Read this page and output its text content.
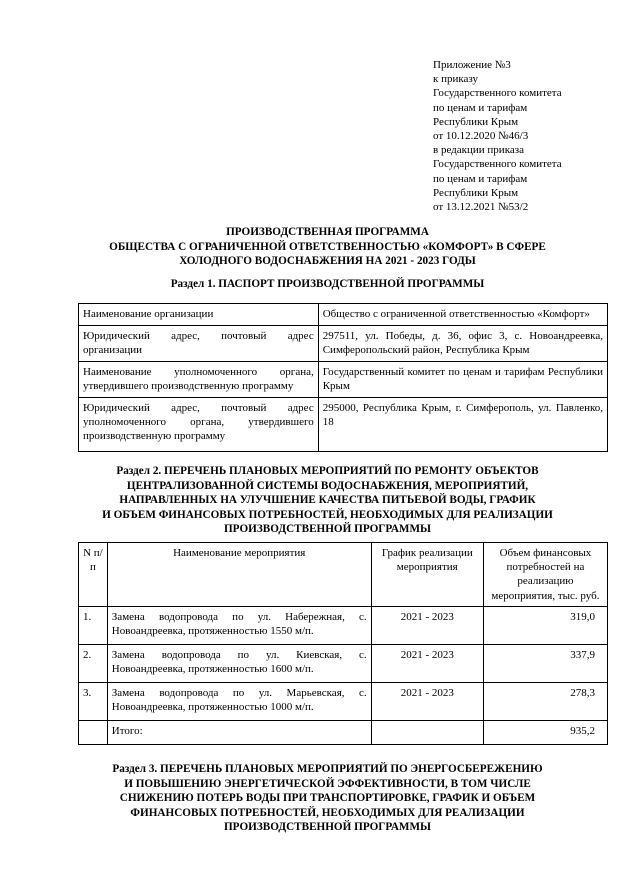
Приложение №3
к приказу
Государственного комитета
по ценам и тарифам
Республики Крым
от 10.12.2020 №46/3
в редакции приказа
Государственного комитета
по ценам и тарифам
Республики Крым
от 13.12.2021 №53/2
ПРОИЗВОДСТВЕННАЯ ПРОГРАММА
ОБЩЕСТВА С ОГРАНИЧЕННОЙ ОТВЕТСТВЕННОСТЬЮ «КОМФОРТ» В СФЕРЕ
ХОЛОДНОГО ВОДОСНАБЖЕНИЯ НА 2021 - 2023 ГОДЫ
Раздел 1. ПАСПОРТ ПРОИЗВОДСТВЕННОЙ ПРОГРАММЫ
Наименование организации	Общество с ограниченной ответственностью «Комфорт»
Юридический адрес, почтовый адрес организации	297511, ул. Победы, д. 36, офис 3, с. Новоандреевка, Симферопольский район, Республика Крым
Наименование уполномоченного органа, утвердившего производственную программу	Государственный комитет по ценам и тарифам Республики Крым
Юридический адрес, почтовый адрес уполномоченного органа, утвердившего производственную программу	295000, Республика Крым, г. Симферополь, ул. Павленко, 18
Раздел 2. ПЕРЕЧЕНЬ ПЛАНОВЫХ МЕРОПРИЯТИЙ ПО РЕМОНТУ ОБЪЕКТОВ
ЦЕНТРАЛИЗОВАННОЙ СИСТЕМЫ ВОДОСНАБЖЕНИЯ, МЕРОПРИЯТИЙ,
НАПРАВЛЕННЫХ НА УЛУЧШЕНИЕ КАЧЕСТВА ПИТЬЕВОЙ ВОДЫ, ГРАФИК
И ОБЪЕМ ФИНАНСОВЫХ ПОТРЕБНОСТЕЙ, НЕОБХОДИМЫХ ДЛЯ РЕАЛИЗАЦИИ
ПРОИЗВОДСТВЕННОЙ ПРОГРАММЫ
N п/п	Наименование мероприятия	График реализации мероприятия	Объем финансовых потребностей на реализацию мероприятия, тыс. руб.
1.	Замена водопровода по ул. Набережная, с. Новоандреевка, протяженностью 1550 м/п.	2021 - 2023	319,0
2.	Замена водопровода по ул. Киевская, с. Новоандреевка, протяженностью 1600 м/п.	2021 - 2023	337,9
3.	Замена водопровода по ул. Марьевская, с. Новоандреевка, протяженностью 1000 м/п.	2021 - 2023	278,3
	Итого:		935,2
Раздел 3. ПЕРЕЧЕНЬ ПЛАНОВЫХ МЕРОПРИЯТИЙ ПО ЭНЕРГОСБЕРЕЖЕНИЮ
И ПОВЫШЕНИЮ ЭНЕРГЕТИЧЕСКОЙ ЭФФЕКТИВНОСТИ, В ТОМ ЧИСЛЕ
СНИЖЕНИЮ ПОТЕРЬ ВОДЫ ПРИ ТРАНСПОРТИРОВКЕ, ГРАФИК И ОБЪЕМ
ФИНАНСОВЫХ ПОТРЕБНОСТЕЙ, НЕОБХОДИМЫХ ДЛЯ РЕАЛИЗАЦИИ
ПРОИЗВОДСТВЕННОЙ ПРОГРАММЫ
